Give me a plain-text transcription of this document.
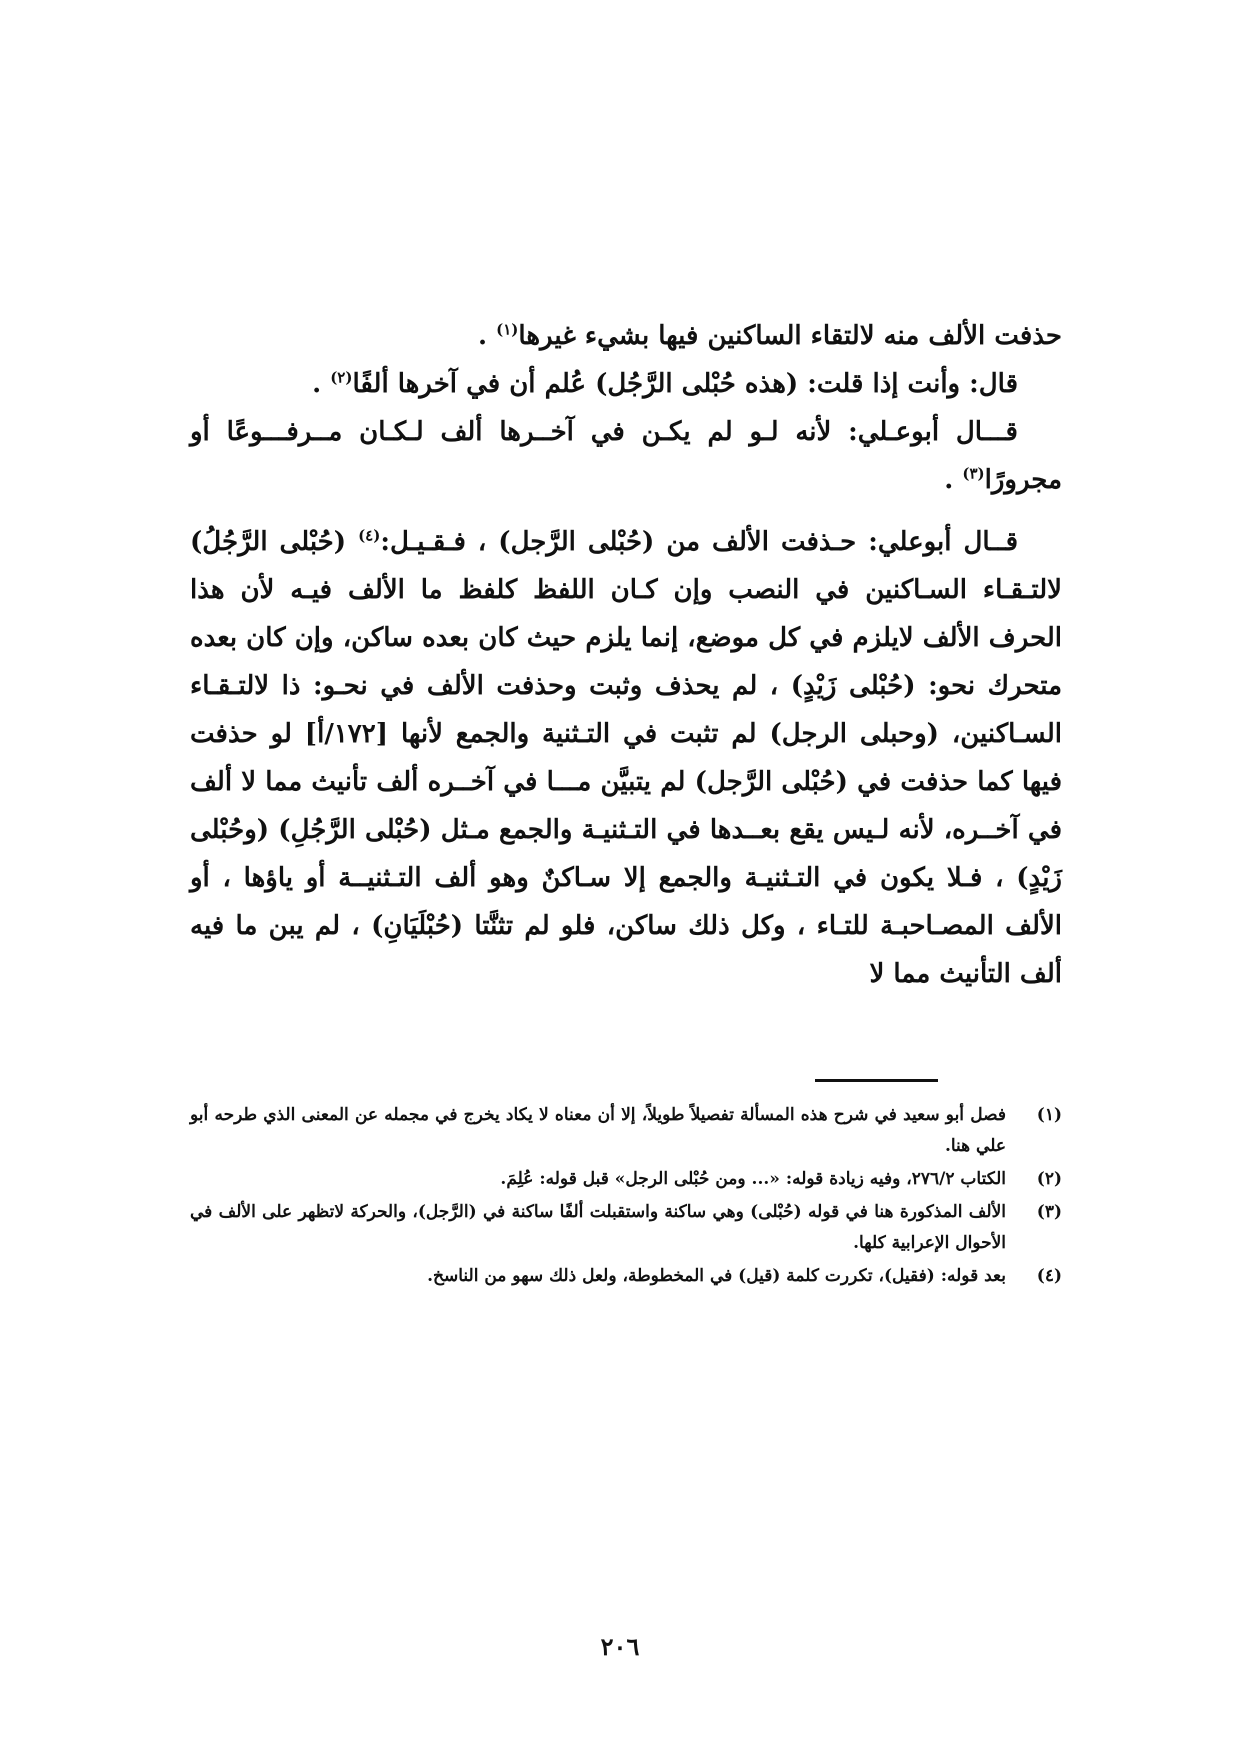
حذفت الألف منه لالتقاء الساكنين فيها بشيء غيرها$^{(١)}$ .

قال: وأنت إذا قلت: (هذه حُبْلى الرَّجُل) عُلم أن في آخرها ألفًا$^{(٢)}$ .

قـــال أبوعـلي: لأنه لـو لم يكـن في آخــرها ألف لـكـان مــرفـــوعًا أو مجرورًا$^{(٣)}$ .

قــال أبوعلي: حـذفت الألف من (حُبْلى الرَّجل) ، فـقـيـل:$^{(٤)}$ (حُبْلى الرَّجُلُ) لالتـقـاء السـاكنين في النصب وإن كـان اللفظ كلفظ ما الألف فيـه لأن هذا الحرف الألف لايلزم في كل موضع، إنما يلزم حيث كان بعده ساكن، وإن كان بعده متحرك نحو: (حُبْلى زَيْدٍ) ، لم يحذف وثبت وحذفت الألف في نحـو: ذا لالتـقـاء السـاكنين، (وحبلى الرجل) لم تثبت في التـثنية والجمع لأنها [١٧٢/أ] لو حذفت فيها كما حذفت في (حُبْلى الرَّجل) لم يتبيَّن مـــا في آخــره ألف تأنيث مما لا ألف في آخــره، لأنه لـيس يقع بعــدها في التـثنيـة والجمع مـثل (حُبْلى الرَّجُلِ) (وحُبْلى زَيْدٍ) ، فـلا يكون في التـثنيـة والجمع إلا سـاكنٌ وهو ألف التـثنيــة أو ياؤها ، أو الألف المصـاحبـة للتـاء ، وكل ذلك ساكن، فلو لم تثنَّتا (حُبْلَيَانِ) ، لم يبن ما فيه ألف التأنيث مما لا

(١)
فصل أبو سعيد في شرح هذه المسألة تفصيلاً طويلاً، إلا أن معناه لا يكاد يخرج في مجمله عن المعنى الذي طرحه أبو علي هنا.
(٢)
الكتاب ٢٧٦/٢، وفيه زيادة قوله: «... ومن حُبْلى الرجل» قبل قوله: عُلِمَ.
(٣)
الألف المذكورة هنا في قوله (حُبْلى) وهي ساكنة واستقبلت ألفًا ساكنة في (الرَّجل)، والحركة لاتظهر على الألف في الأحوال الإعرابية كلها.
(٤)
بعد قوله: (فقيل)، تكررت كلمة (قيل) في المخطوطة، ولعل ذلك سهو من الناسخ.
٢٠٦
